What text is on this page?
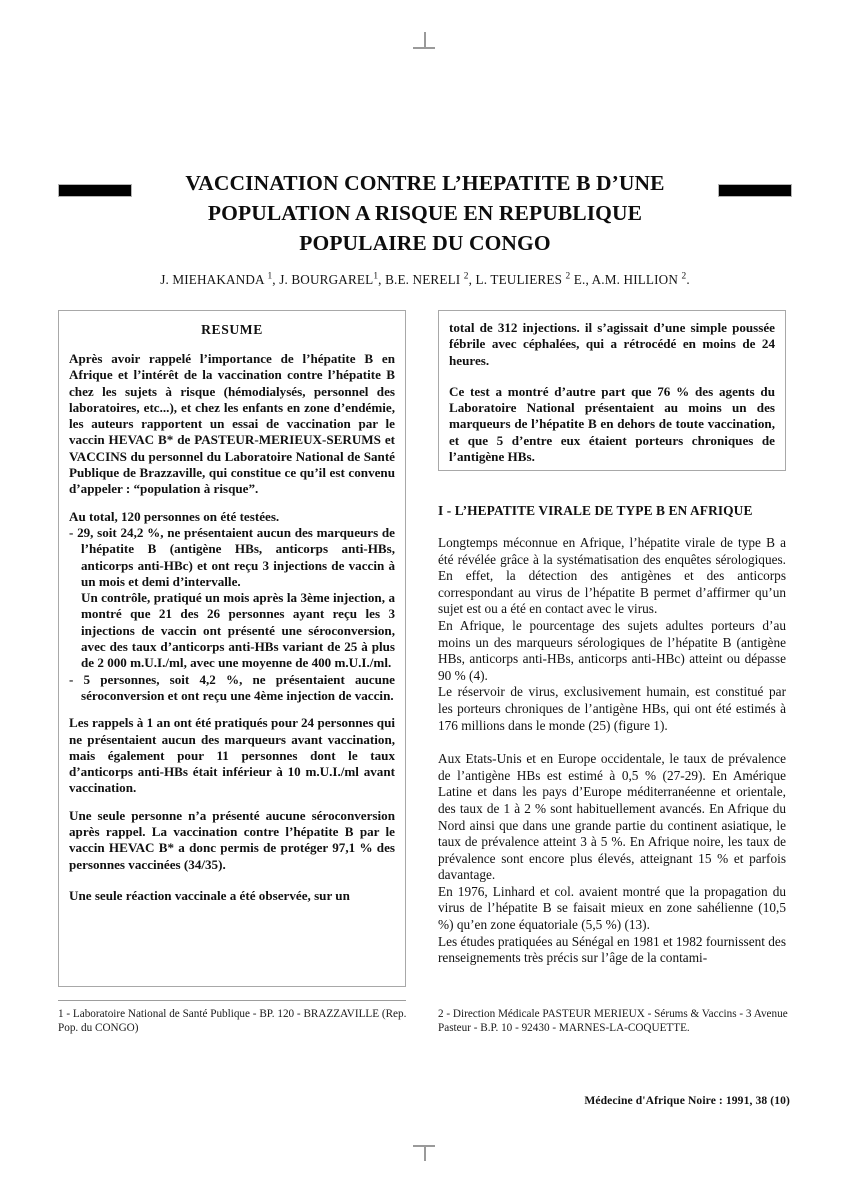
VACCINATION CONTRE L’HEPATITE B D’UNE
POPULATION A RISQUE EN REPUBLIQUE
POPULAIRE DU CONGO
J. MIEHAKANDA $^1$, J. BOURGAREL$^1$, B.E. NERELI $^2$, L. TEULIERES $^2$ E., A.M. HILLION $^2$.
RESUME

Après avoir rappelé l’importance de l’hépatite B en Afrique et l’intérêt de la vaccination contre l’hépatite B chez les sujets à risque (hémodialysés, personnel des laboratoires, etc...), et chez les enfants en zone d’endémie, les auteurs rapportent un essai de vaccination par le vaccin HEVAC B* de PASTEUR-MERIEUX-SERUMS et VACCINS du personnel du Laboratoire National de Santé Publique de Brazzaville, qui constitue ce qu’il est convenu d’appeler : “population à risque”.

Au total, 120 personnes on été testées.

- 29, soit 24,2 %, ne présentaient aucun des marqueurs de l’hépatite B (antigène HBs, anticorps anti-HBs, anticorps anti-HBc) et ont reçu 3 injections de vaccin à un mois et demi d’intervalle.

Un contrôle, pratiqué un mois après la 3ème injection, a montré que 21 des 26 personnes ayant reçu les 3 injections de vaccin ont présenté une séroconversion, avec des taux d’anticorps anti-HBs variant de 25 à plus de 2 000 m.U.I./ml, avec une moyenne de 400 m.U.I./ml.

- 5 personnes, soit 4,2 %, ne présentaient aucune séroconversion et ont reçu une 4ème injection de vaccin.

Les rappels à 1 an ont été pratiqués pour 24 personnes qui ne présentaient aucun des marqueurs avant vaccination, mais également pour 11 personnes dont le taux d’anticorps anti-HBs était inférieur à 10 m.U.I./ml avant vaccination.

Une seule personne n’a présenté aucune séroconversion après rappel. La vaccination contre l’hépatite B par le vaccin HEVAC B* a donc permis de protéger 97,1 % des personnes vaccinées (34/35).

Une seule réaction vaccinale a été observée, sur un

total de 312 injections. il s’agissait d’une simple poussée fébrile avec céphalées, qui a rétrocédé en moins de 24 heures.

Ce test a montré d’autre part que 76 % des agents du Laboratoire National présentaient au moins un des marqueurs de l’hépatite B en dehors de toute vaccination, et que 5 d’entre eux étaient porteurs chroniques de l’antigène HBs.

I - L’HEPATITE VIRALE DE TYPE B EN AFRIQUE

Longtemps méconnue en Afrique, l’hépatite virale de type B a été révélée grâce à la systématisation des enquêtes sérologiques. En effet, la détection des antigènes et des anticorps correspondant au virus de l’hépatite B permet d’affirmer qu’un sujet est ou a été en contact avec le virus.

En Afrique, le pourcentage des sujets adultes porteurs d’au moins un des marqueurs sérologiques de l’hépatite B (antigène HBs, anticorps anti-HBs, anticorps anti-HBc) atteint ou dépasse 90 % (4).

Le réservoir de virus, exclusivement humain, est constitué par les porteurs chroniques de l’antigène HBs, qui ont été estimés à 176 millions dans le monde (25) (figure 1).

Aux Etats-Unis et en Europe occidentale, le taux de prévalence de l’antigène HBs est estimé à 0,5 % (27-29). En Amérique Latine et dans les pays d’Europe méditerranéenne et orientale, des taux de 1 à 2 % sont habituellement avancés. En Afrique du Nord ainsi que dans une grande partie du continent asiatique, le taux de prévalence atteint 3 à 5 %. En Afrique noire, les taux de prévalence sont encore plus élevés, atteignant 15 % et parfois davantage.

En 1976, Linhard et col. avaient montré que la propagation du virus de l’hépatite B se faisait mieux en zone sahélienne (10,5 %) qu’en zone équatoriale (5,5 %) (13).

Les études pratiquées au Sénégal en 1981 et 1982 fournissent des renseignements très précis sur l’âge de la contami-

1 - Laboratoire National de Santé Publique - BP. 120 - BRAZZAVILLE (Rep. Pop. du CONGO)
2 - Direction Médicale PASTEUR MERIEUX - Sérums & Vaccins - 3 Avenue Pasteur - B.P. 10 - 92430 - MARNES-LA-COQUETTE.
Médecine d'Afrique Noire : 1991, 38 (10)
